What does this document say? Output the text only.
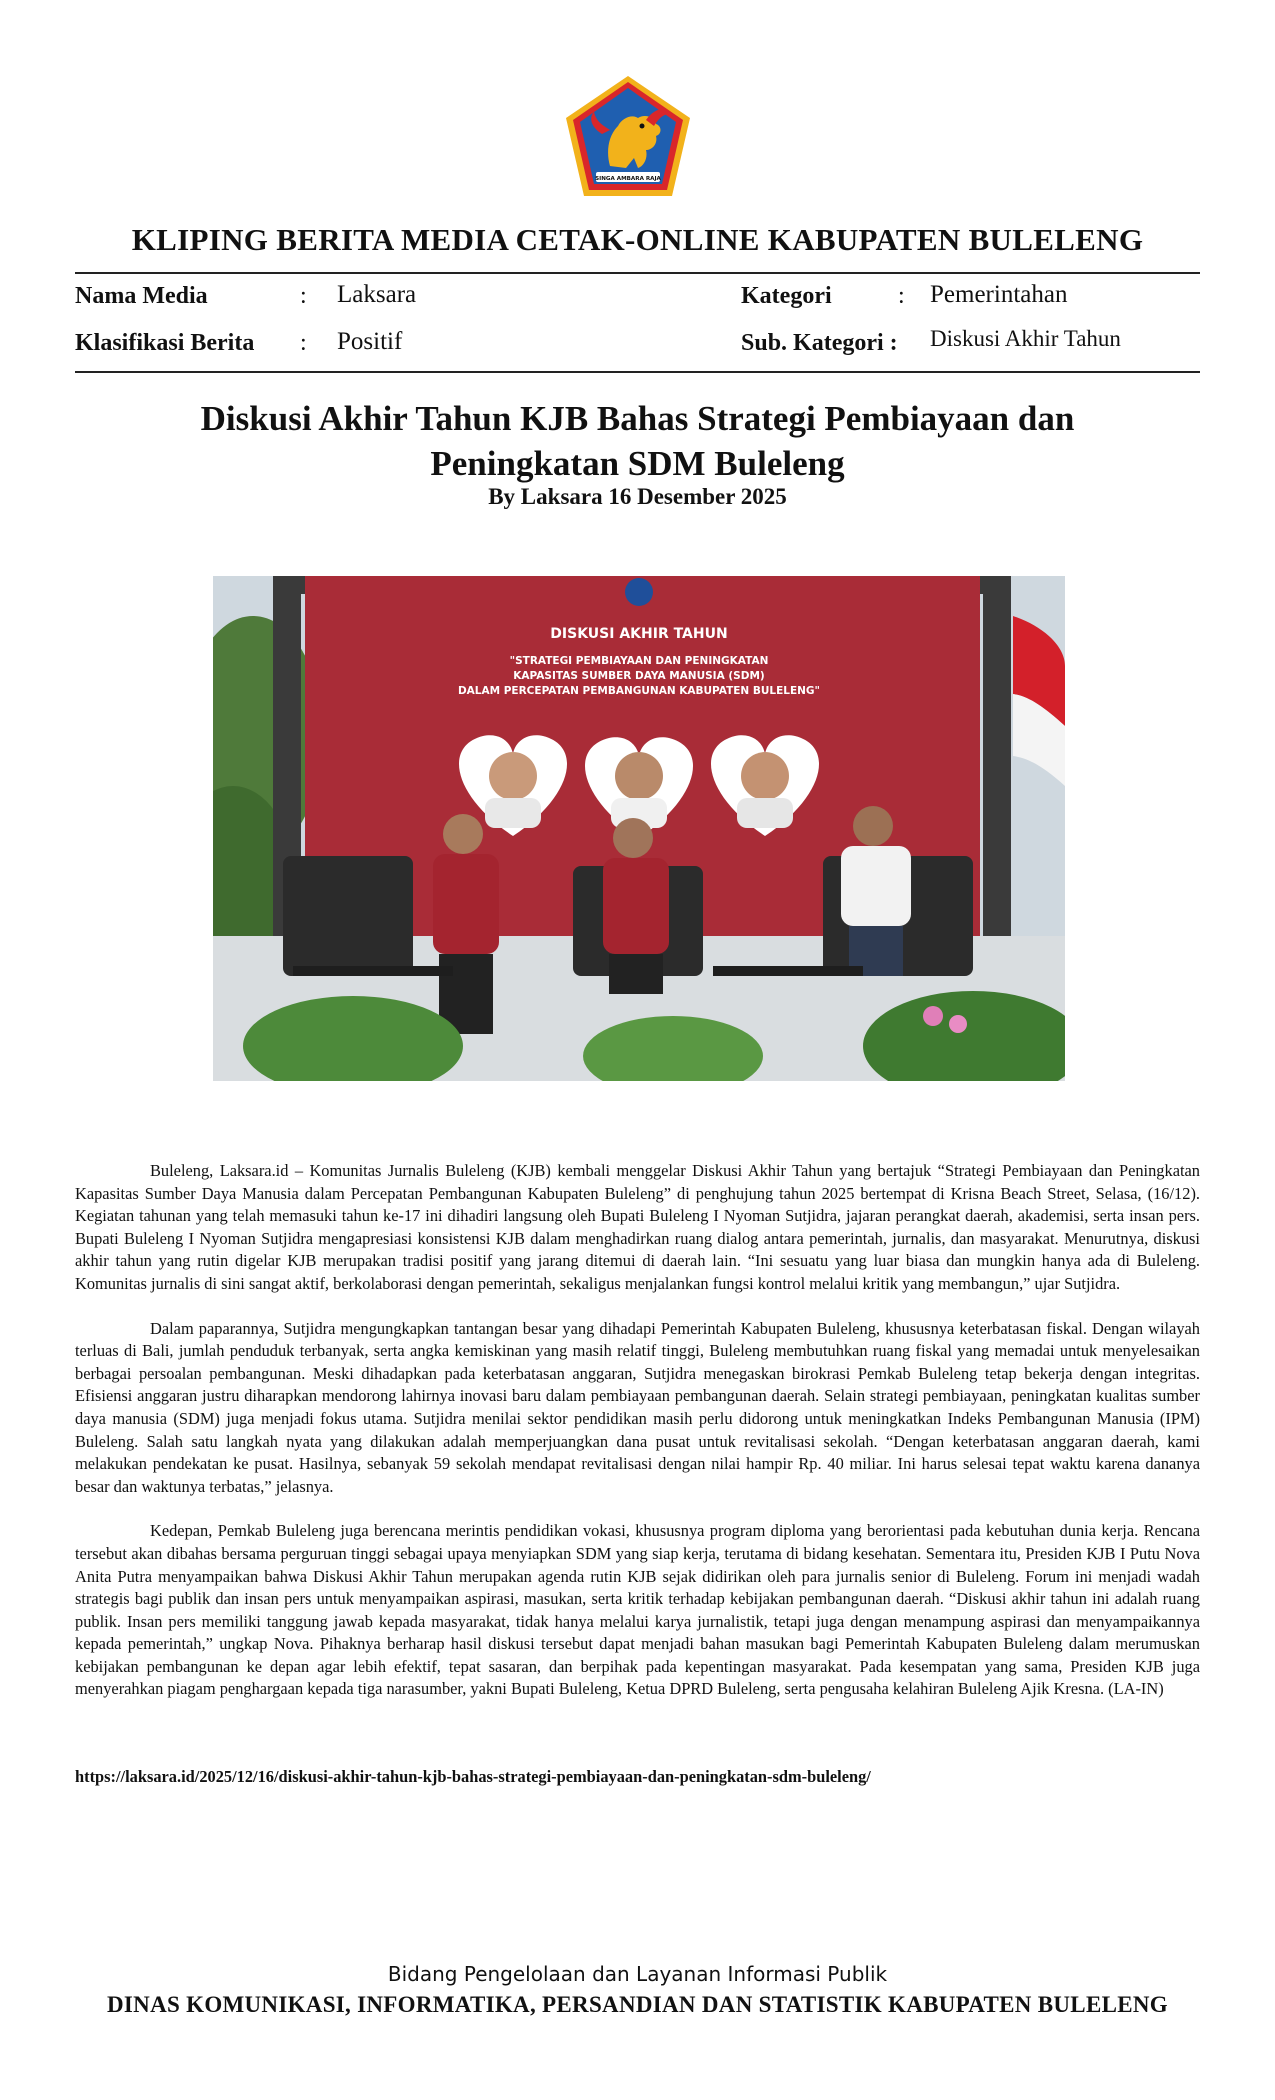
SINGA AMBARA RAJA
KLIPING BERITA MEDIA CETAK-ONLINE KABUPATEN BULELENG
Nama Media	: Laksara	Kategori	: Pemerintahan
Klasifikasi Berita : Positif	Sub. Kategori : Diskusi Akhir Tahun
Diskusi Akhir Tahun KJB Bahas Strategi Pembiayaan dan
Peningkatan SDM Buleleng
By Laksara 16 Desember 2025
DISKUSI AKHIR TAHUN
"STRATEGI PEMBIAYAAN DAN PENINGKATAN
KAPASITAS SUMBER DAYA MANUSIA (SDM)
DALAM PERCEPATAN PEMBANGUNAN KABUPATEN BULELENG"

Buleleng, Laksara.id – Komunitas Jurnalis Buleleng (KJB) kembali menggelar Diskusi Akhir Tahun yang bertajuk “Strategi Pembiayaan dan Peningkatan Kapasitas Sumber Daya Manusia dalam Percepatan Pembangunan Kabupaten Buleleng” di penghujung tahun 2025 bertempat di Krisna Beach Street, Selasa, (16/12). Kegiatan tahunan yang telah memasuki tahun ke-17 ini dihadiri langsung oleh Bupati Buleleng I Nyoman Sutjidra, jajaran perangkat daerah, akademisi, serta insan pers. Bupati Buleleng I Nyoman Sutjidra mengapresiasi konsistensi KJB dalam menghadirkan ruang dialog antara pemerintah, jurnalis, dan masyarakat. Menurutnya, diskusi akhir tahun yang rutin digelar KJB merupakan tradisi positif yang jarang ditemui di daerah lain. “Ini sesuatu yang luar biasa dan mungkin hanya ada di Buleleng. Komunitas jurnalis di sini sangat aktif, berkolaborasi dengan pemerintah, sekaligus menjalankan fungsi kontrol melalui kritik yang membangun,” ujar Sutjidra.

Dalam paparannya, Sutjidra mengungkapkan tantangan besar yang dihadapi Pemerintah Kabupaten Buleleng, khususnya keterbatasan fiskal. Dengan wilayah terluas di Bali, jumlah penduduk terbanyak, serta angka kemiskinan yang masih relatif tinggi, Buleleng membutuhkan ruang fiskal yang memadai untuk menyelesaikan berbagai persoalan pembangunan. Meski dihadapkan pada keterbatasan anggaran, Sutjidra menegaskan birokrasi Pemkab Buleleng tetap bekerja dengan integritas. Efisiensi anggaran justru diharapkan mendorong lahirnya inovasi baru dalam pembiayaan pembangunan daerah. Selain strategi pembiayaan, peningkatan kualitas sumber daya manusia (SDM) juga menjadi fokus utama. Sutjidra menilai sektor pendidikan masih perlu didorong untuk meningkatkan Indeks Pembangunan Manusia (IPM) Buleleng. Salah satu langkah nyata yang dilakukan adalah memperjuangkan dana pusat untuk revitalisasi sekolah. “Dengan keterbatasan anggaran daerah, kami melakukan pendekatan ke pusat. Hasilnya, sebanyak 59 sekolah mendapat revitalisasi dengan nilai hampir Rp. 40 miliar. Ini harus selesai tepat waktu karena dananya besar dan waktunya terbatas,” jelasnya.

Kedepan, Pemkab Buleleng juga berencana merintis pendidikan vokasi, khususnya program diploma yang berorientasi pada kebutuhan dunia kerja. Rencana tersebut akan dibahas bersama perguruan tinggi sebagai upaya menyiapkan SDM yang siap kerja, terutama di bidang kesehatan. Sementara itu, Presiden KJB I Putu Nova Anita Putra menyampaikan bahwa Diskusi Akhir Tahun merupakan agenda rutin KJB sejak didirikan oleh para jurnalis senior di Buleleng. Forum ini menjadi wadah strategis bagi publik dan insan pers untuk menyampaikan aspirasi, masukan, serta kritik terhadap kebijakan pembangunan daerah. “Diskusi akhir tahun ini adalah ruang publik. Insan pers memiliki tanggung jawab kepada masyarakat, tidak hanya melalui karya jurnalistik, tetapi juga dengan menampung aspirasi dan menyampaikannya kepada pemerintah,” ungkap Nova. Pihaknya berharap hasil diskusi tersebut dapat menjadi bahan masukan bagi Pemerintah Kabupaten Buleleng dalam merumuskan kebijakan pembangunan ke depan agar lebih efektif, tepat sasaran, dan berpihak pada kepentingan masyarakat. Pada kesempatan yang sama, Presiden KJB juga menyerahkan piagam penghargaan kepada tiga narasumber, yakni Bupati Buleleng, Ketua DPRD Buleleng, serta pengusaha kelahiran Buleleng Ajik Kresna. (LA-IN)

https://laksara.id/2025/12/16/diskusi-akhir-tahun-kjb-bahas-strategi-pembiayaan-dan-peningkatan-sdm-buleleng/
Bidang Pengelolaan dan Layanan Informasi Publik
DINAS KOMUNIKASI, INFORMATIKA, PERSANDIAN DAN STATISTIK KABUPATEN BULELENG
